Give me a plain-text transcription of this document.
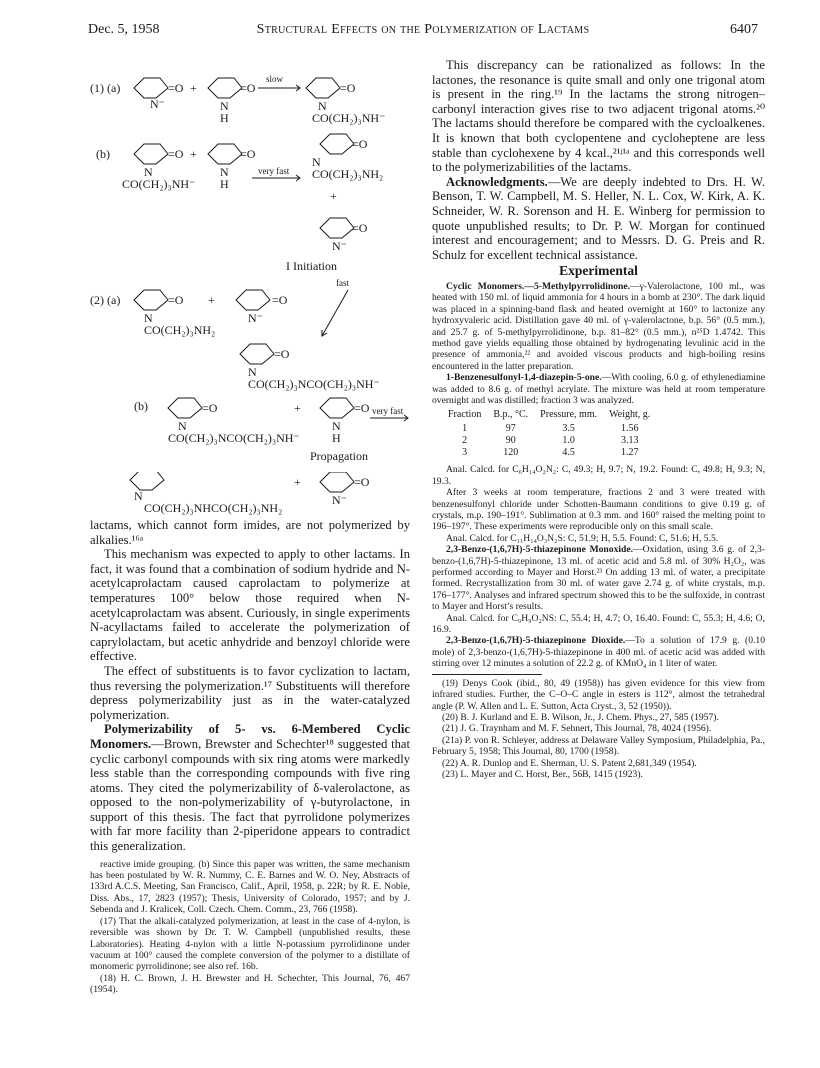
Dec. 5, 1958	Structural Effects on the Polymerization of Lactams	6407
(1) (a)
N⁻
=O +
N
H
=O
slow
=O
N
CO(CH₂)₃NH⁻
(b)	=O
N
CO(CH₂)₃NH⁻
+	=O
N
H
very fast
=O
N
CO(CH₂)₃NH₂
+
=O
N⁻
I Initiation
(2) (a)	=O
N
CO(CH₂)₃NH₂
+	=O
N⁻
fast
=O
N
CO(CH₂)₃NCO(CH₂)₃NH⁻
(b)	=O
N
CO(CH₂)₃NCO(CH₂)₃NH⁻
+	=O
N
H
very fast
Propagation
N
CO(CH₂)₃NHCO(CH₂)₃NH₂
+	=O
N⁻

lactams, which cannot form imides, are not polymerized by alkalies.¹⁶ᵃ

This mechanism was expected to apply to other lactams. In fact, it was found that a combination of sodium hydride and N-acetylcaprolactam caused caprolactam to polymerize at temperatures 100° below those required when N-acetylcaprolactam was absent. Curiously, in single experiments N-acyllactams failed to accelerate the polymerization of caprylolactam, but acetic anhydride and benzoyl chloride were effective.

The effect of substituents is to favor cyclization to lactam, thus reversing the polymerization.¹⁷ Substituents will therefore depress polymerizability just as in the water-catalyzed polymerization.

Polymerizability of 5- vs. 6-Membered Cyclic Monomers.—Brown, Brewster and Schechter¹⁸ suggested that cyclic carbonyl compounds with six ring atoms were markedly less stable than the corresponding compounds with five ring atoms. They cited the polymerizability of δ-valerolactone, as opposed to the non-polymerizability of γ-butyrolactone, in support of this thesis. The fact that pyrrolidone polymerizes with far more facility than 2-piperidone appears to contradict this generalization.

reactive imide grouping. (b) Since this paper was written, the same mechanism has been postulated by W. R. Nummy, C. E. Barnes and W. O. Ney, Abstracts of 133rd A.C.S. Meeting, San Francisco, Calif., April, 1958, p. 22R; by R. E. Noble, Diss. Abs., 17, 2823 (1957); Thesis, University of Colorado, 1957; and by J. Sebenda and J. Kralicek, Coll. Czech. Chem. Comm., 23, 766 (1958).

(17) That the alkali-catalyzed polymerization, at least in the case of 4-nylon, is reversible was shown by Dr. T. W. Campbell (unpublished results, these Laboratories). Heating 4-nylon with a little N-potassium pyrrolidinone under vacuum at 100° caused the complete conversion of the polymer to a distillate of monomeric pyrrolidinone; see also ref. 16b.

(18) H. C. Brown, J. H. Brewster and H. Schechter, This Journal, 76, 467 (1954).

This discrepancy can be rationalized as follows: In the lactones, the resonance is quite small and only one trigonal atom is present in the ring.¹⁹ In the lactams the strong nitrogen–carbonyl interaction gives rise to two adjacent trigonal atoms.²⁰ The lactams should therefore be compared with the cycloalkenes. It is known that both cyclopentene and cycloheptene are less stable than cyclohexene by 4 kcal.,²¹ʲ¹ᵃ and this corresponds well to the polymerizabilities of the lactams.

Acknowledgments.—We are deeply indebted to Drs. H. W. Benson, T. W. Campbell, M. S. Heller, N. L. Cox, W. Kirk, A. K. Schneider, W. R. Sorenson and H. E. Winberg for permission to quote unpublished results; to Dr. P. W. Morgan for continued interest and encouragement; and to Messrs. D. G. Preis and R. Schulz for excellent technical assistance.

Experimental

Cyclic Monomers.—5-Methylpyrrolidinone.—γ-Valerolactone, 100 ml., was heated with 150 ml. of liquid ammonia for 4 hours in a bomb at 230°. The dark liquid was placed in a spinning-band flask and heated overnight at 160° to lactonize any hydroxyvaleric acid. Distillation gave 40 ml. of γ-valerolactone, b.p. 56° (0.5 mm.), and 25.7 g. of 5-methylpyrrolidinone, b.p. 81–82° (0.5 mm.), n²⁵D 1.4742. This method gave yields equalling those obtained by hydrogenating levulinic acid in the presence of ammonia,²² and avoided viscous products and high-boiling resins encountered in the latter preparation.

1-Benzenesulfonyl-1,4-diazepin-5-one.—With cooling, 6.0 g. of ethylenediamine was added to 8.6 g. of methyl acrylate. The mixture was held at room temperature overnight and was distilled; fraction 3 was analyzed.

Fraction	B.p., °C.	Pressure, mm.	Weight, g.
1	97	3.5	1.56
2	90	1.0	3.13
3	120	4.5	1.27

Anal. Calcd. for C₆H₁₄O₂N₂: C, 49.3; H, 9.7; N, 19.2. Found: C, 49.8; H, 9.3; N, 19.3.

After 3 weeks at room temperature, fractions 2 and 3 were treated with benzenesulfonyl chloride under Schotten-Baumann conditions to give 0.19 g. of crystals, m.p. 190–191°. Sublimation at 0.3 mm. and 160° raised the melting point to 196–197°. These experiments were reproducible only on this small scale.

Anal. Calcd. for C₁₁H₁₄O₃N₂S: C, 51.9; H, 5.5. Found: C, 51.6; H, 5.5.

2,3-Benzo-(1,6,7H)-5-thiazepinone Monoxide.—Oxidation, using 3.6 g. of 2,3-benzo-(1,6,7H)-5-thiazepinone, 13 ml. of acetic acid and 5.8 ml. of 30% H₂O₂, was performed according to Mayer and Horst.²³ On adding 13 ml. of water, a precipitate formed. Recrystallization from 30 ml. of water gave 2.74 g. of white crystals, m.p. 176–177°. Analyses and infrared spectrum showed this to be the sulfoxide, in contrast to Mayer and Horst’s results.

Anal. Calcd. for C₉H₉O₂NS: C, 55.4; H, 4.7; O, 16.40. Found: C, 55.3; H, 4.6; O, 16.9.

2,3-Benzo-(1,6,7H)-5-thiazepinone Dioxide.—To a solution of 17.9 g. (0.10 mole) of 2,3-benzo-(1,6,7H)-5-thiazepinone in 400 ml. of acetic acid was added with stirring over 12 minutes a solution of 22.2 g. of KMnO₄ in 1 liter of water.

(19) Denys Cook (ibid., 80, 49 (1958)) has given evidence for this view from infrared studies. Further, the C–O–C angle in esters is 112°, almost the tetrahedral angle (P. W. Allen and L. E. Sutton, Acta Cryst., 3, 52 (1950)).

(20) B. J. Kurland and E. B. Wilson, Jr., J. Chem. Phys., 27, 585 (1957).

(21) J. G. Traynham and M. F. Sehnert, This Journal, 78, 4024 (1956).

(21a) P. von R. Schleyer, address at Delaware Valley Symposium, Philadelphia, Pa., February 5, 1958; This Journal, 80, 1700 (1958).

(22) A. R. Dunlop and E. Sherman, U. S. Patent 2,681,349 (1954).

(23) L. Mayer and C. Horst, Ber., 56B, 1415 (1923).
